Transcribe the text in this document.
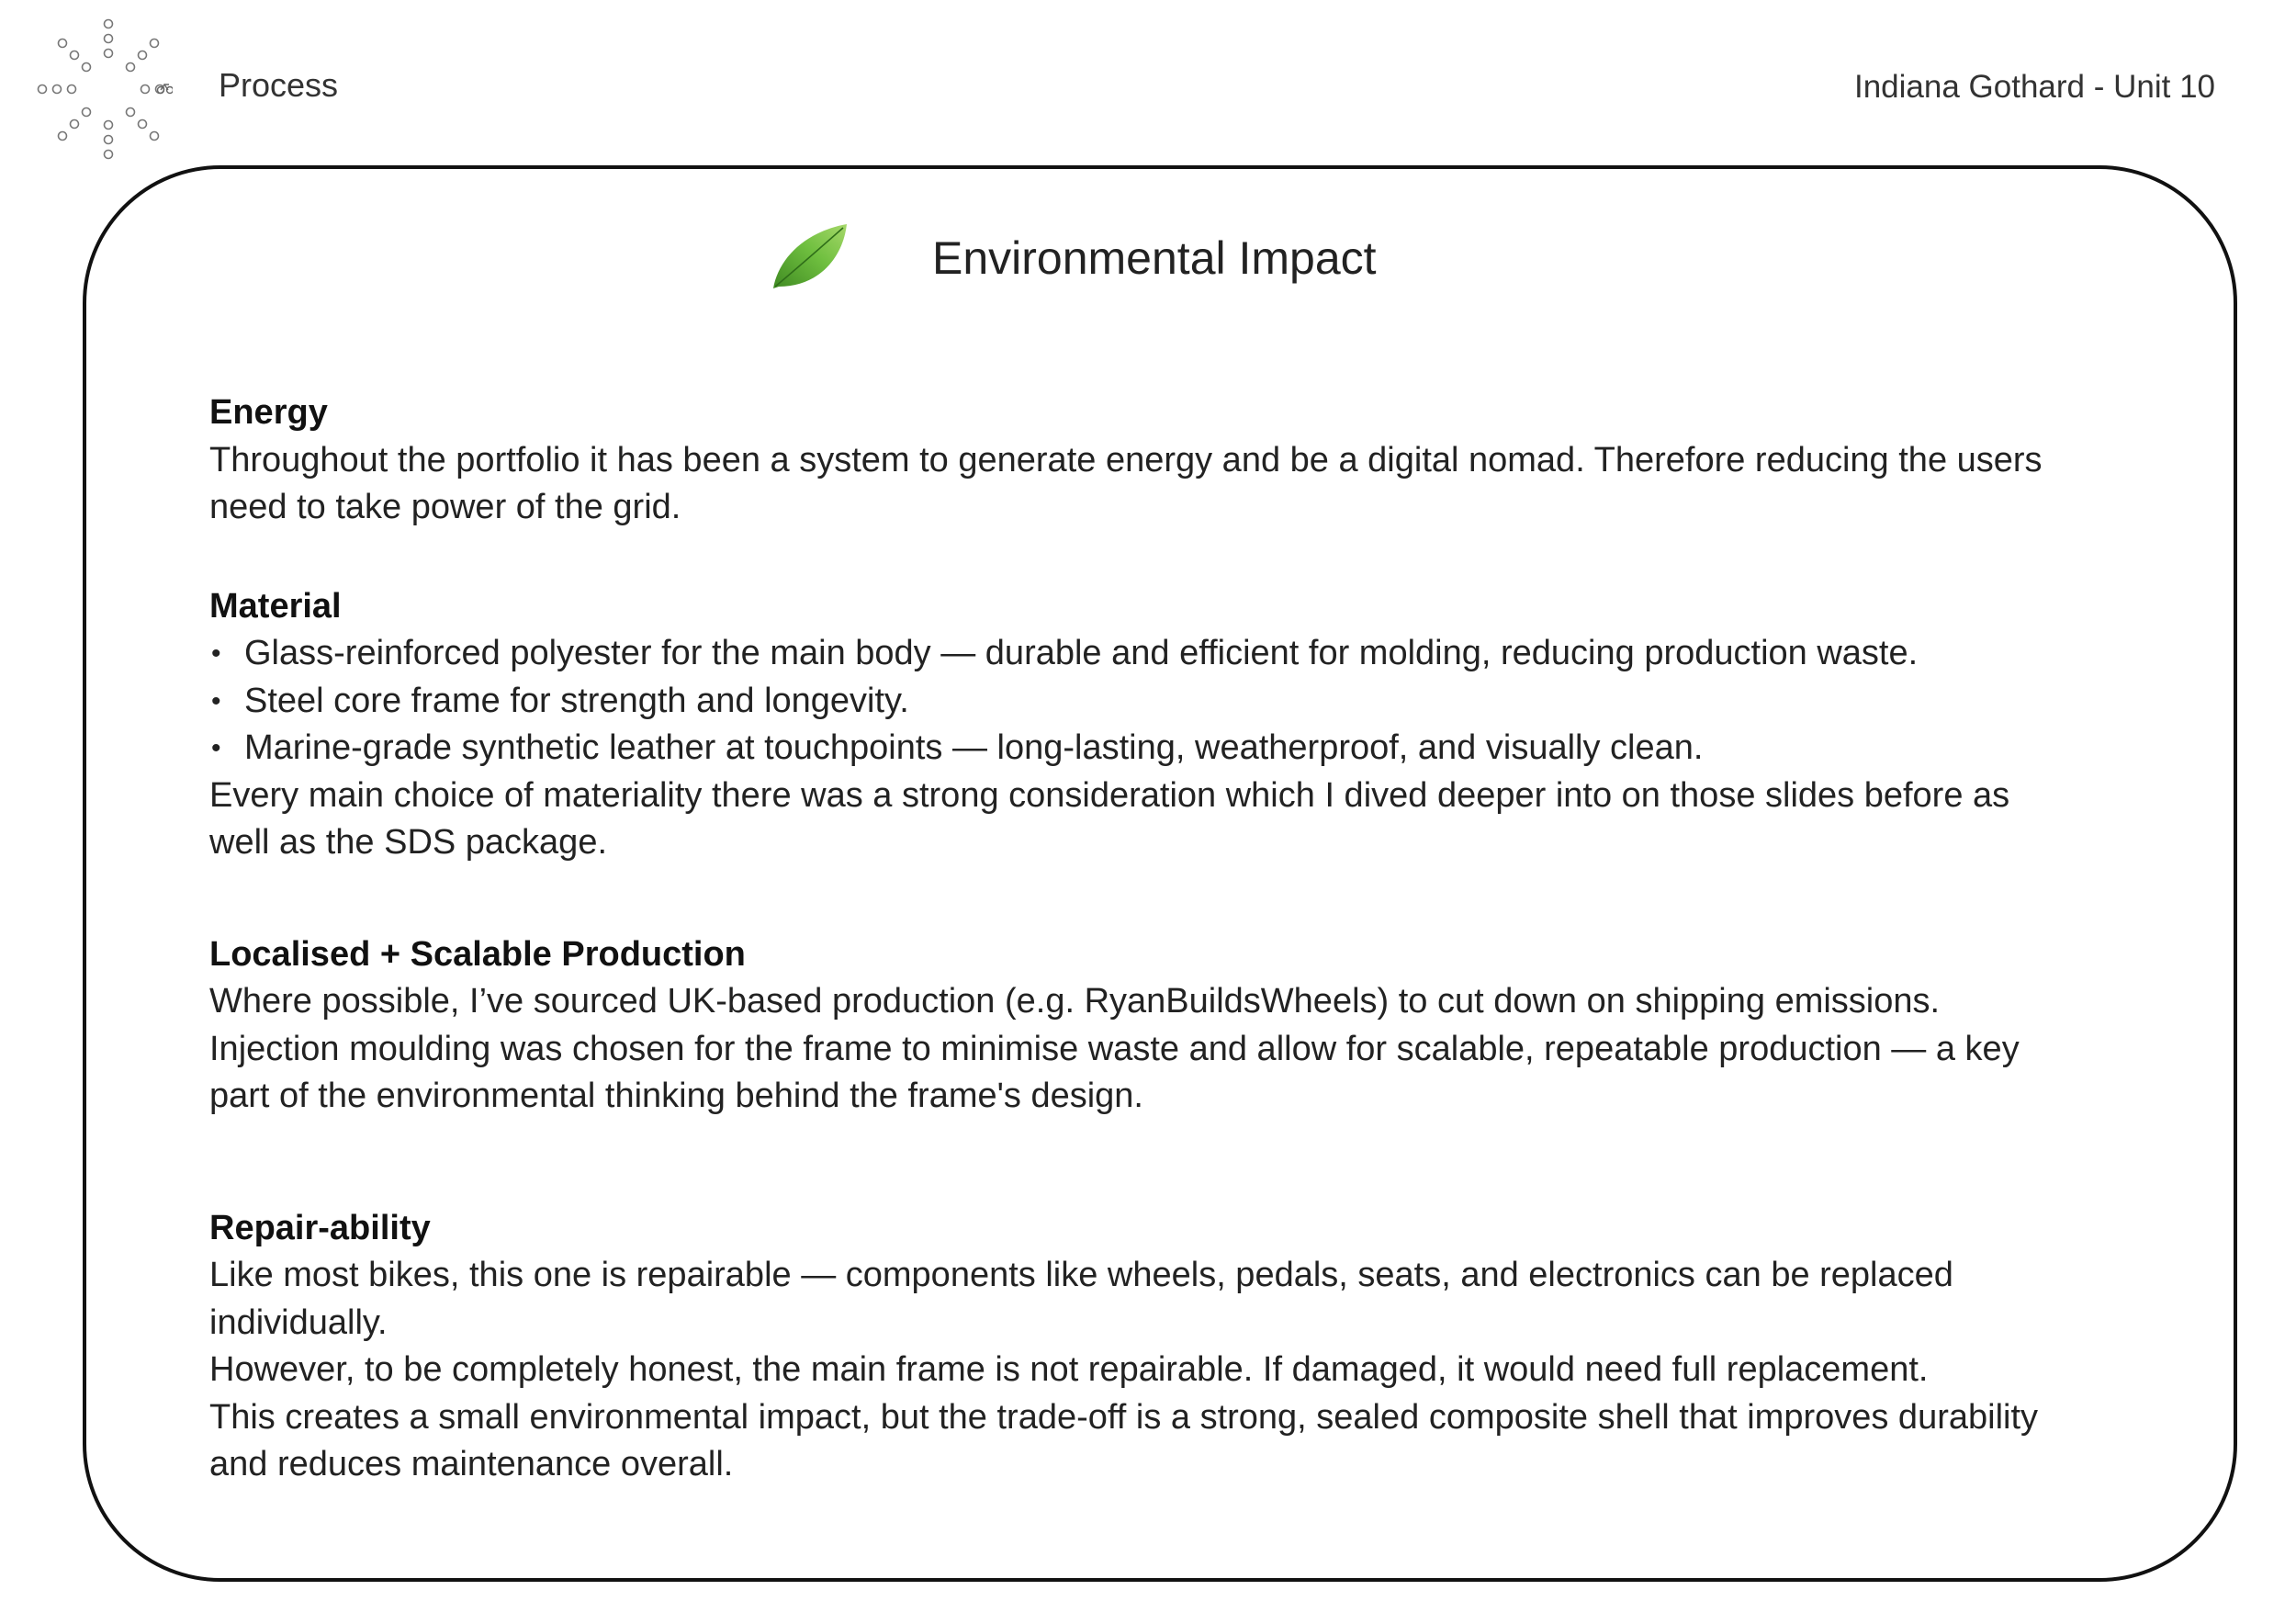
Process	Indiana Gothard - Unit 10
Environmental Impact

Energy

Throughout the portfolio it has been a system to generate energy and be a digital nomad. Therefore reducing the users

need to take power of the grid.

Material

• Glass-reinforced polyester for the main body — durable and efficient for molding, reducing production waste.
• Steel core frame for strength and longevity.
• Marine-grade synthetic leather at touchpoints — long-lasting, weatherproof, and visually clean.

Every main choice of materiality there was a strong consideration which I dived deeper into on those slides before as

well as the SDS package.

Localised + Scalable Production

Where possible, I’ve sourced UK-based production (e.g. RyanBuildsWheels) to cut down on shipping emissions.

Injection moulding was chosen for the frame to minimise waste and allow for scalable, repeatable production — a key

part of the environmental thinking behind the frame's design.

Repair-ability

Like most bikes, this one is repairable — components like wheels, pedals, seats, and electronics can be replaced

individually.

However, to be completely honest, the main frame is not repairable. If damaged, it would need full replacement.

This creates a small environmental impact, but the trade-off is a strong, sealed composite shell that improves durability

and reduces maintenance overall.
